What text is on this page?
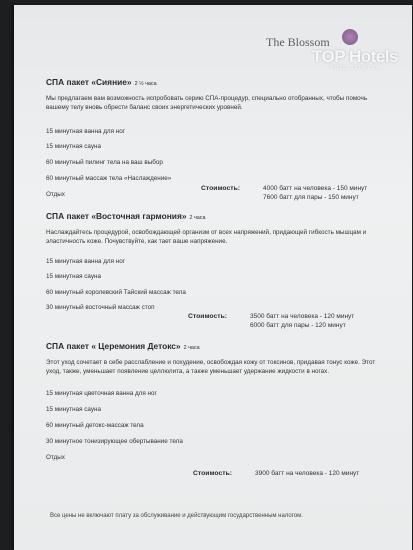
The Blossom
TOP Hotels
ФОТО ТУРИСТА
СПА пакет «Сияние» 2 ½ часа
Мы предлагаем вам возможность испробовать серию СПА-процедур, специально отобранных, чтобы помочь вашему телу вновь обрести баланс своих энергетических уровней.
15 минутная ванна для ног
15 минутная сауна
60 минутный пилинг тела на ваш выбор
60 минутный массаж тела «Наслаждение»
Отдых
Стоимость:	4000 батт на человека - 150 минут
7600 батт для пары - 150 минут
СПА пакет «Восточная гармония» 2 часа
Наслаждайтесь процедурой, освобождающей организм от всех напряжений, придающей гибкость мышцам и эластичность коже. Почувствуйте, как тает ваше напряжение.
15 минутная ванна для ног
15 минутная сауна
60 минутный королевский Тайский массаж тела
30 минутный восточный массаж стоп
Стоимость:	3500 батт на человека - 120 минут
6000 батт для пары - 120 минут
СПА пакет « Церемония Детокс» 2 часа
Этот уход сочетает в себе расслабление и похудение, освобождая кожу от токсинов, придавая тонус коже. Этот уход, также, уменьшает появление целлюлита, а также уменьшает удержание жидкости в ногах.
15 минутная цветочная ванна для ног
15 минутная сауна
60 минутный детокс-массаж тела
30 минутное тонизирующее обертывание тела
Отдых
Стоимость:	3900 батт на человека - 120 минут
Все цены не включают плату за обслуживание и действующим государственным налогом.
